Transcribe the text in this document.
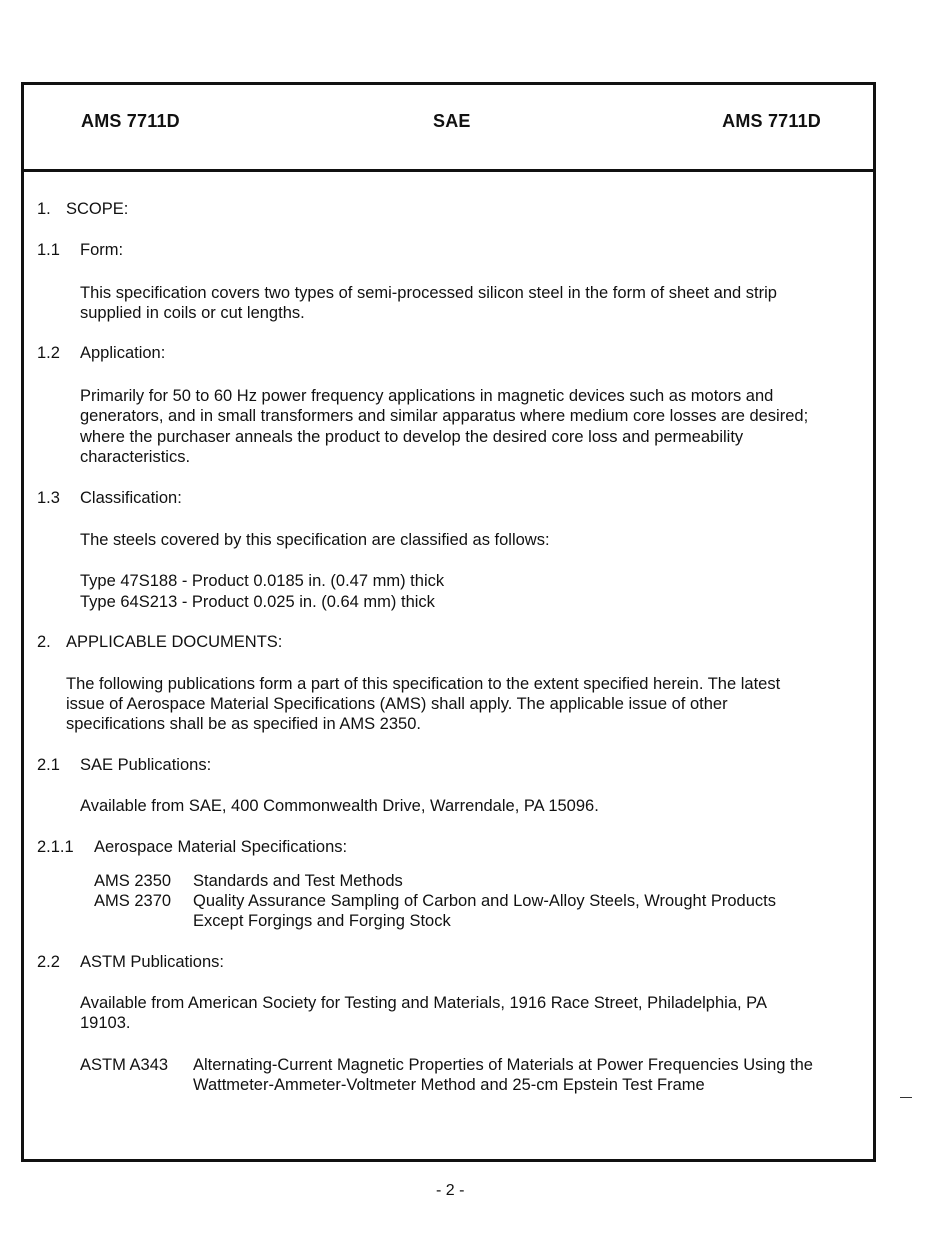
AMS 7711D	SAE	AMS 7711D
1. SCOPE:
1.1 Form:
This specification covers two types of semi-processed silicon steel in the form of sheet and strip
supplied in coils or cut lengths.
1.2 Application:
Primarily for 50 to 60 Hz power frequency applications in magnetic devices such as motors and
generators, and in small transformers and similar apparatus where medium core losses are desired;
where the purchaser anneals the product to develop the desired core loss and permeability
characteristics.
1.3 Classification:
The steels covered by this specification are classified as follows:
Type 47S188 - Product 0.0185 in. (0.47 mm) thick
Type 64S213 - Product 0.025 in. (0.64 mm) thick
2. APPLICABLE DOCUMENTS:
The following publications form a part of this specification to the extent specified herein. The latest
issue of Aerospace Material Specifications (AMS) shall apply. The applicable issue of other
specifications shall be as specified in AMS 2350.
2.1 SAE Publications:
Available from SAE, 400 Commonwealth Drive, Warrendale, PA 15096.
2.1.1 Aerospace Material Specifications:
AMS 2350 Standards and Test Methods
AMS 2370 Quality Assurance Sampling of Carbon and Low-Alloy Steels, Wrought Products
Except Forgings and Forging Stock
2.2 ASTM Publications:
Available from American Society for Testing and Materials, 1916 Race Street, Philadelphia, PA
19103.
ASTM A343 Alternating-Current Magnetic Properties of Materials at Power Frequencies Using the
Wattmeter-Ammeter-Voltmeter Method and 25-cm Epstein Test Frame
- 2 -
